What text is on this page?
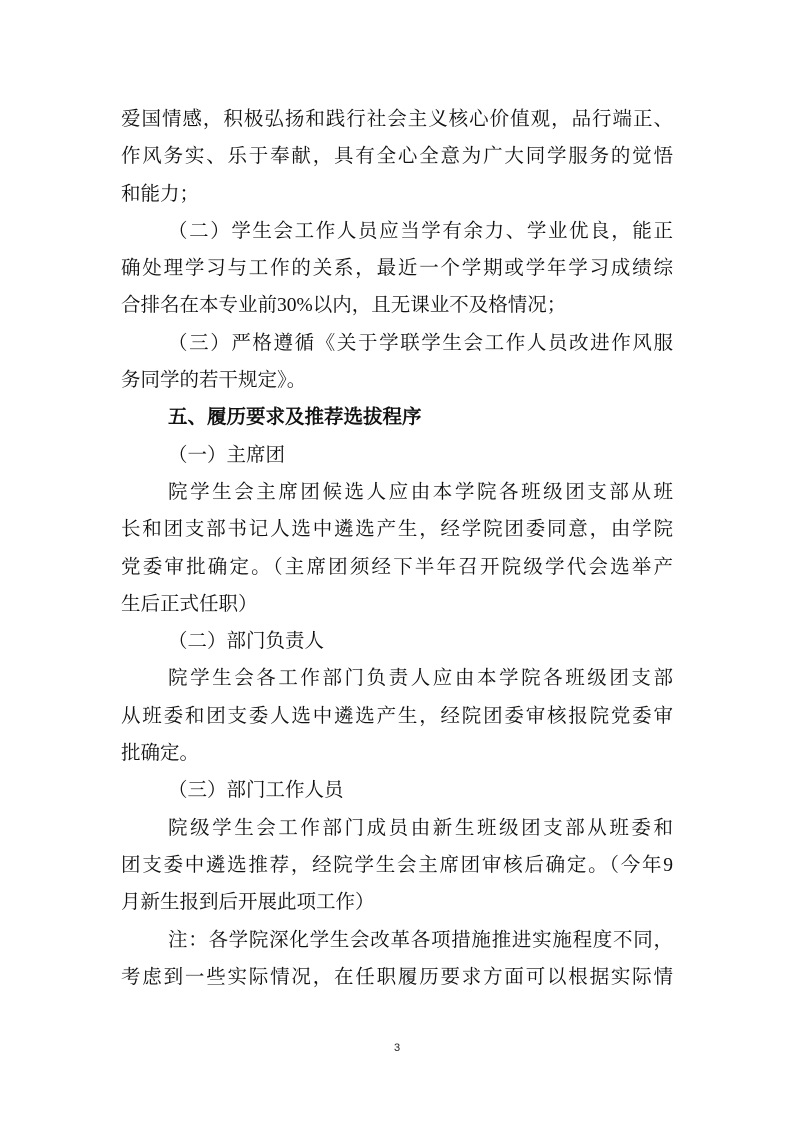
爱国情感，积极弘扬和践行社会主义核心价值观，品行端正、
作风务实、乐于奉献，具有全心全意为广大同学服务的觉悟
和能力；
（二）学生会工作人员应当学有余力、学业优良，能正
确处理学习与工作的关系，最近一个学期或学年学习成绩综
合排名在本专业前30%以内，且无课业不及格情况；
（三）严格遵循《关于学联学生会工作人员改进作风服
务同学的若干规定》。
五、履历要求及推荐选拔程序
（一）主席团
院学生会主席团候选人应由本学院各班级团支部从班
长和团支部书记人选中遴选产生，经学院团委同意，由学院
党委审批确定。（主席团须经下半年召开院级学代会选举产
生后正式任职）
（二）部门负责人
院学生会各工作部门负责人应由本学院各班级团支部
从班委和团支委人选中遴选产生，经院团委审核报院党委审
批确定。
（三）部门工作人员
院级学生会工作部门成员由新生班级团支部从班委和
团支委中遴选推荐，经院学生会主席团审核后确定。（今年9
月新生报到后开展此项工作）
注：各学院深化学生会改革各项措施推进实施程度不同，
考虑到一些实际情况，在任职履历要求方面可以根据实际情
3
